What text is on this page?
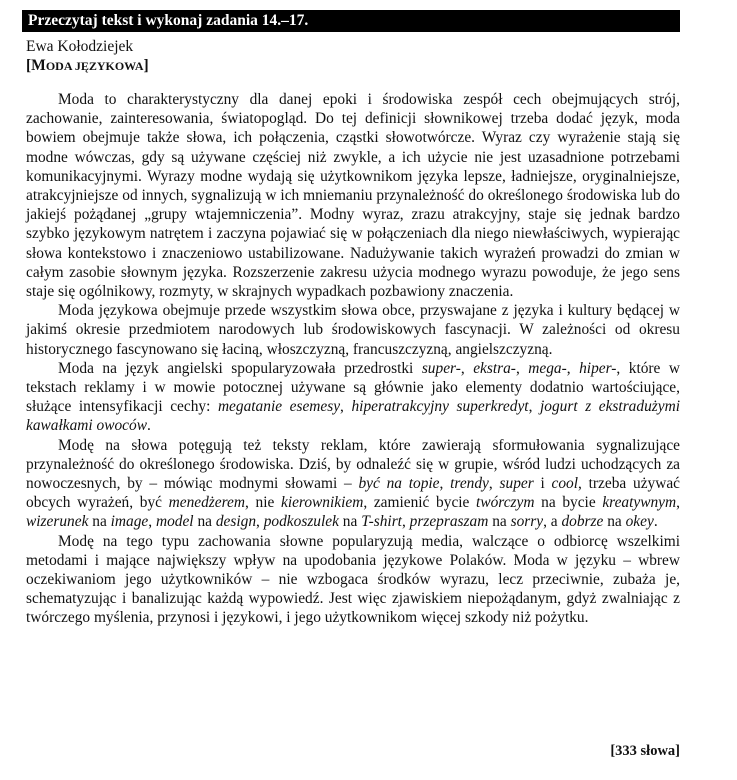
Przeczytaj tekst i wykonaj zadania 14.–17.
Ewa Kołodziejek
[MODA JĘZYKOWA]

Moda to charakterystyczny dla danej epoki i środowiska zespół cech obejmujących strój, zachowanie, zainteresowania, światopogląd. Do tej definicji słownikowej trzeba dodać język, moda bowiem obejmuje także słowa, ich połączenia, cząstki słowotwórcze. Wyraz czy wyrażenie stają się modne wówczas, gdy są używane częściej niż zwykle, a ich użycie nie jest uzasadnione potrzebami komunikacyjnymi. Wyrazy modne wydają się użytkownikom języka lepsze, ładniejsze, oryginalniejsze, atrakcyjniejsze od innych, sygnalizują w ich mniemaniu przynależność do określonego środowiska lub do jakiejś pożądanej „grupy wtajemniczenia”. Modny wyraz, zrazu atrakcyjny, staje się jednak bardzo szybko językowym natrętem i zaczyna pojawiać się w połączeniach dla niego niewłaściwych, wypierając słowa kontekstowo i znaczeniowo ustabilizowane. Nadużywanie takich wyrażeń prowadzi do zmian w całym zasobie słownym języka. Rozszerzenie zakresu użycia modnego wyrazu powoduje, że jego sens staje się ogólnikowy, rozmyty, w skrajnych wypadkach pozbawiony znaczenia.

Moda językowa obejmuje przede wszystkim słowa obce, przyswajane z języka i kultury będącej w jakimś okresie przedmiotem narodowych lub środowiskowych fascynacji. W zależności od okresu historycznego fascynowano się łaciną, włoszczyzną, francuszczyzną, angielszczyzną.

Moda na język angielski spopularyzowała przedrostki super-, ekstra-, mega-, hiper-, które w tekstach reklamy i w mowie potocznej używane są głównie jako elementy dodatnio wartościujące, służące intensyfikacji cechy: megatanie esemesy, hiperatrakcyjny superkredyt, jogurt z ekstradużymi kawałkami owoców.

Modę na słowa potęgują też teksty reklam, które zawierają sformułowania sygnalizujące przynależność do określonego środowiska. Dziś, by odnaleźć się w grupie, wśród ludzi uchodzących za nowoczesnych, by – mówiąc modnymi słowami – być na topie, trendy, super i cool, trzeba używać obcych wyrażeń, być menedżerem, nie kierownikiem, zamienić bycie twórczym na bycie kreatywnym, wizerunek na image, model na design, podkoszulek na T-shirt, przepraszam na sorry, a dobrze na okey.

Modę na tego typu zachowania słowne popularyzują media, walczące o odbiorcę wszelkimi metodami i mające największy wpływ na upodobania językowe Polaków. Moda w języku – wbrew oczekiwaniom jego użytkowników – nie wzbogaca środków wyrazu, lecz przeciwnie, zubaża je, schematyzując i banalizując każdą wypowiedź. Jest więc zjawiskiem niepożądanym, gdyż zwalniając z twórczego myślenia, przynosi i językowi, i jego użytkownikom więcej szkody niż pożytku.

[333 słowa]
